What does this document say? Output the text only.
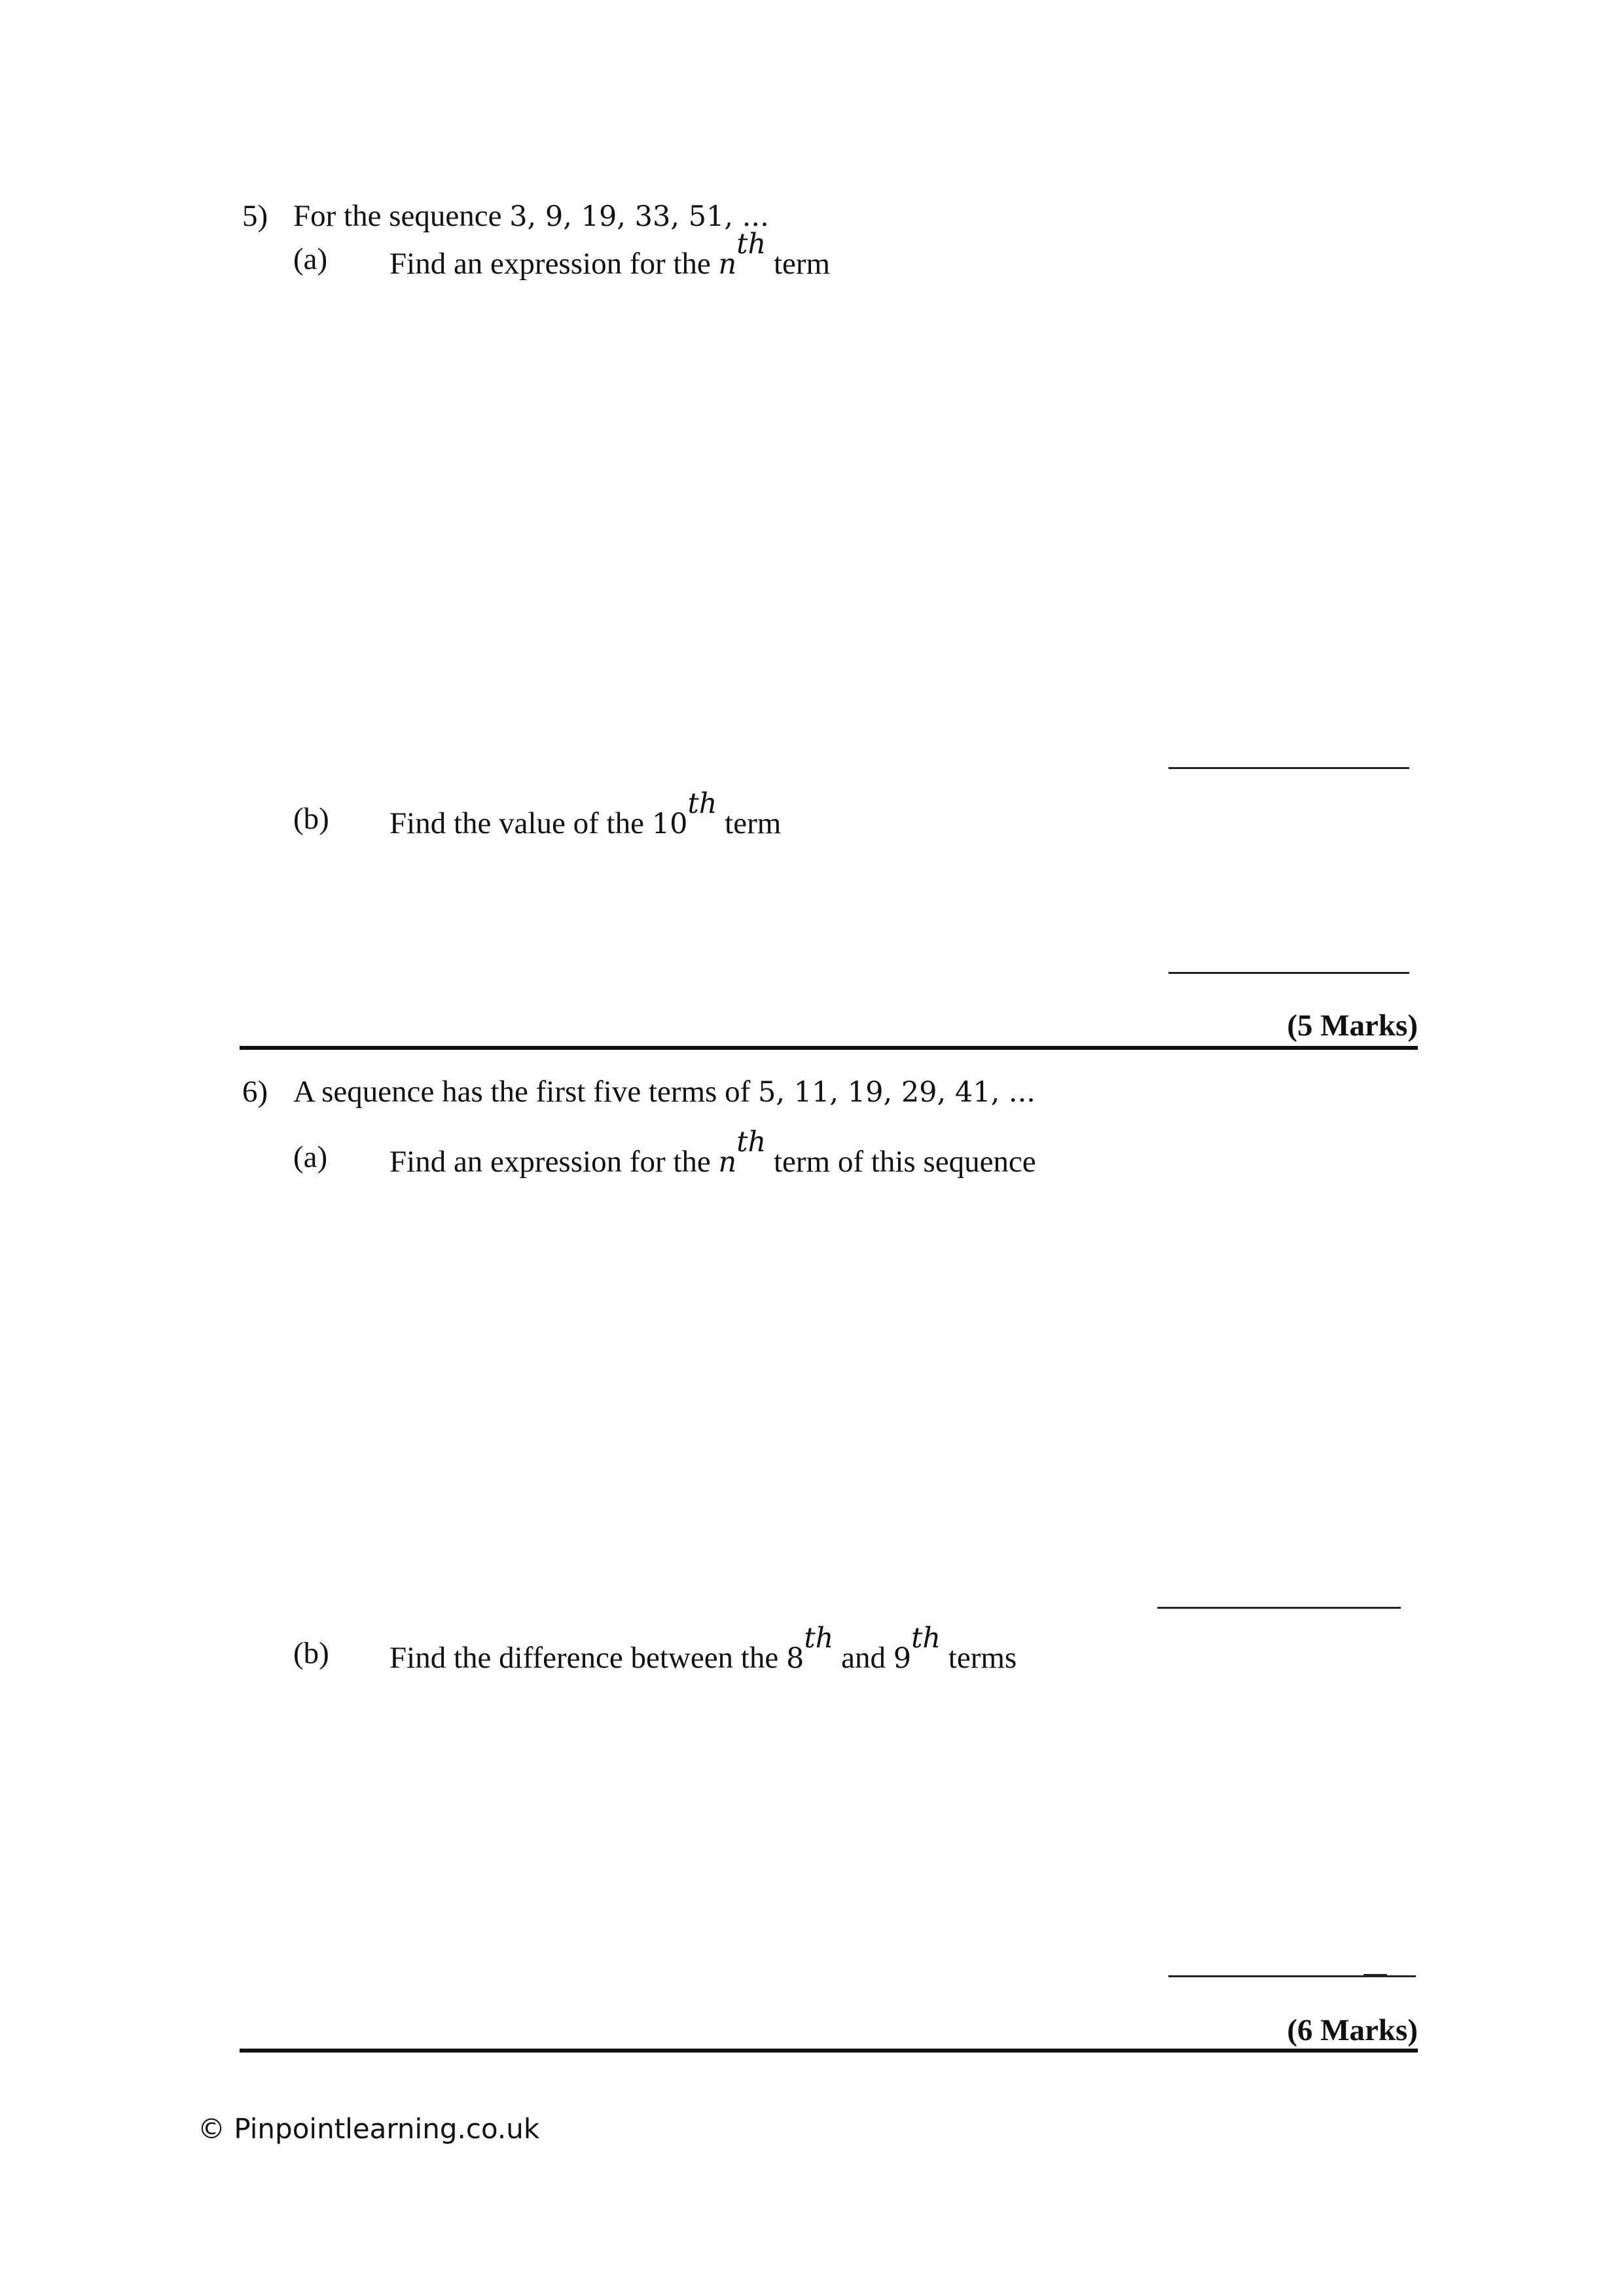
5) For the sequence 3, 9, 19, 33, 51, ...
(a) Find an expression for the $n^{th}$ term
(b) Find the value of the 10th term
(5 Marks)
6) A sequence has the first five terms of 5, 11, 19, 29, 41, ...
(a) Find an expression for the $n^{th}$ term of this sequence
(b) Find the difference between the 8th and 9th terms
(6 Marks)
© Pinpointlearning.co.uk
